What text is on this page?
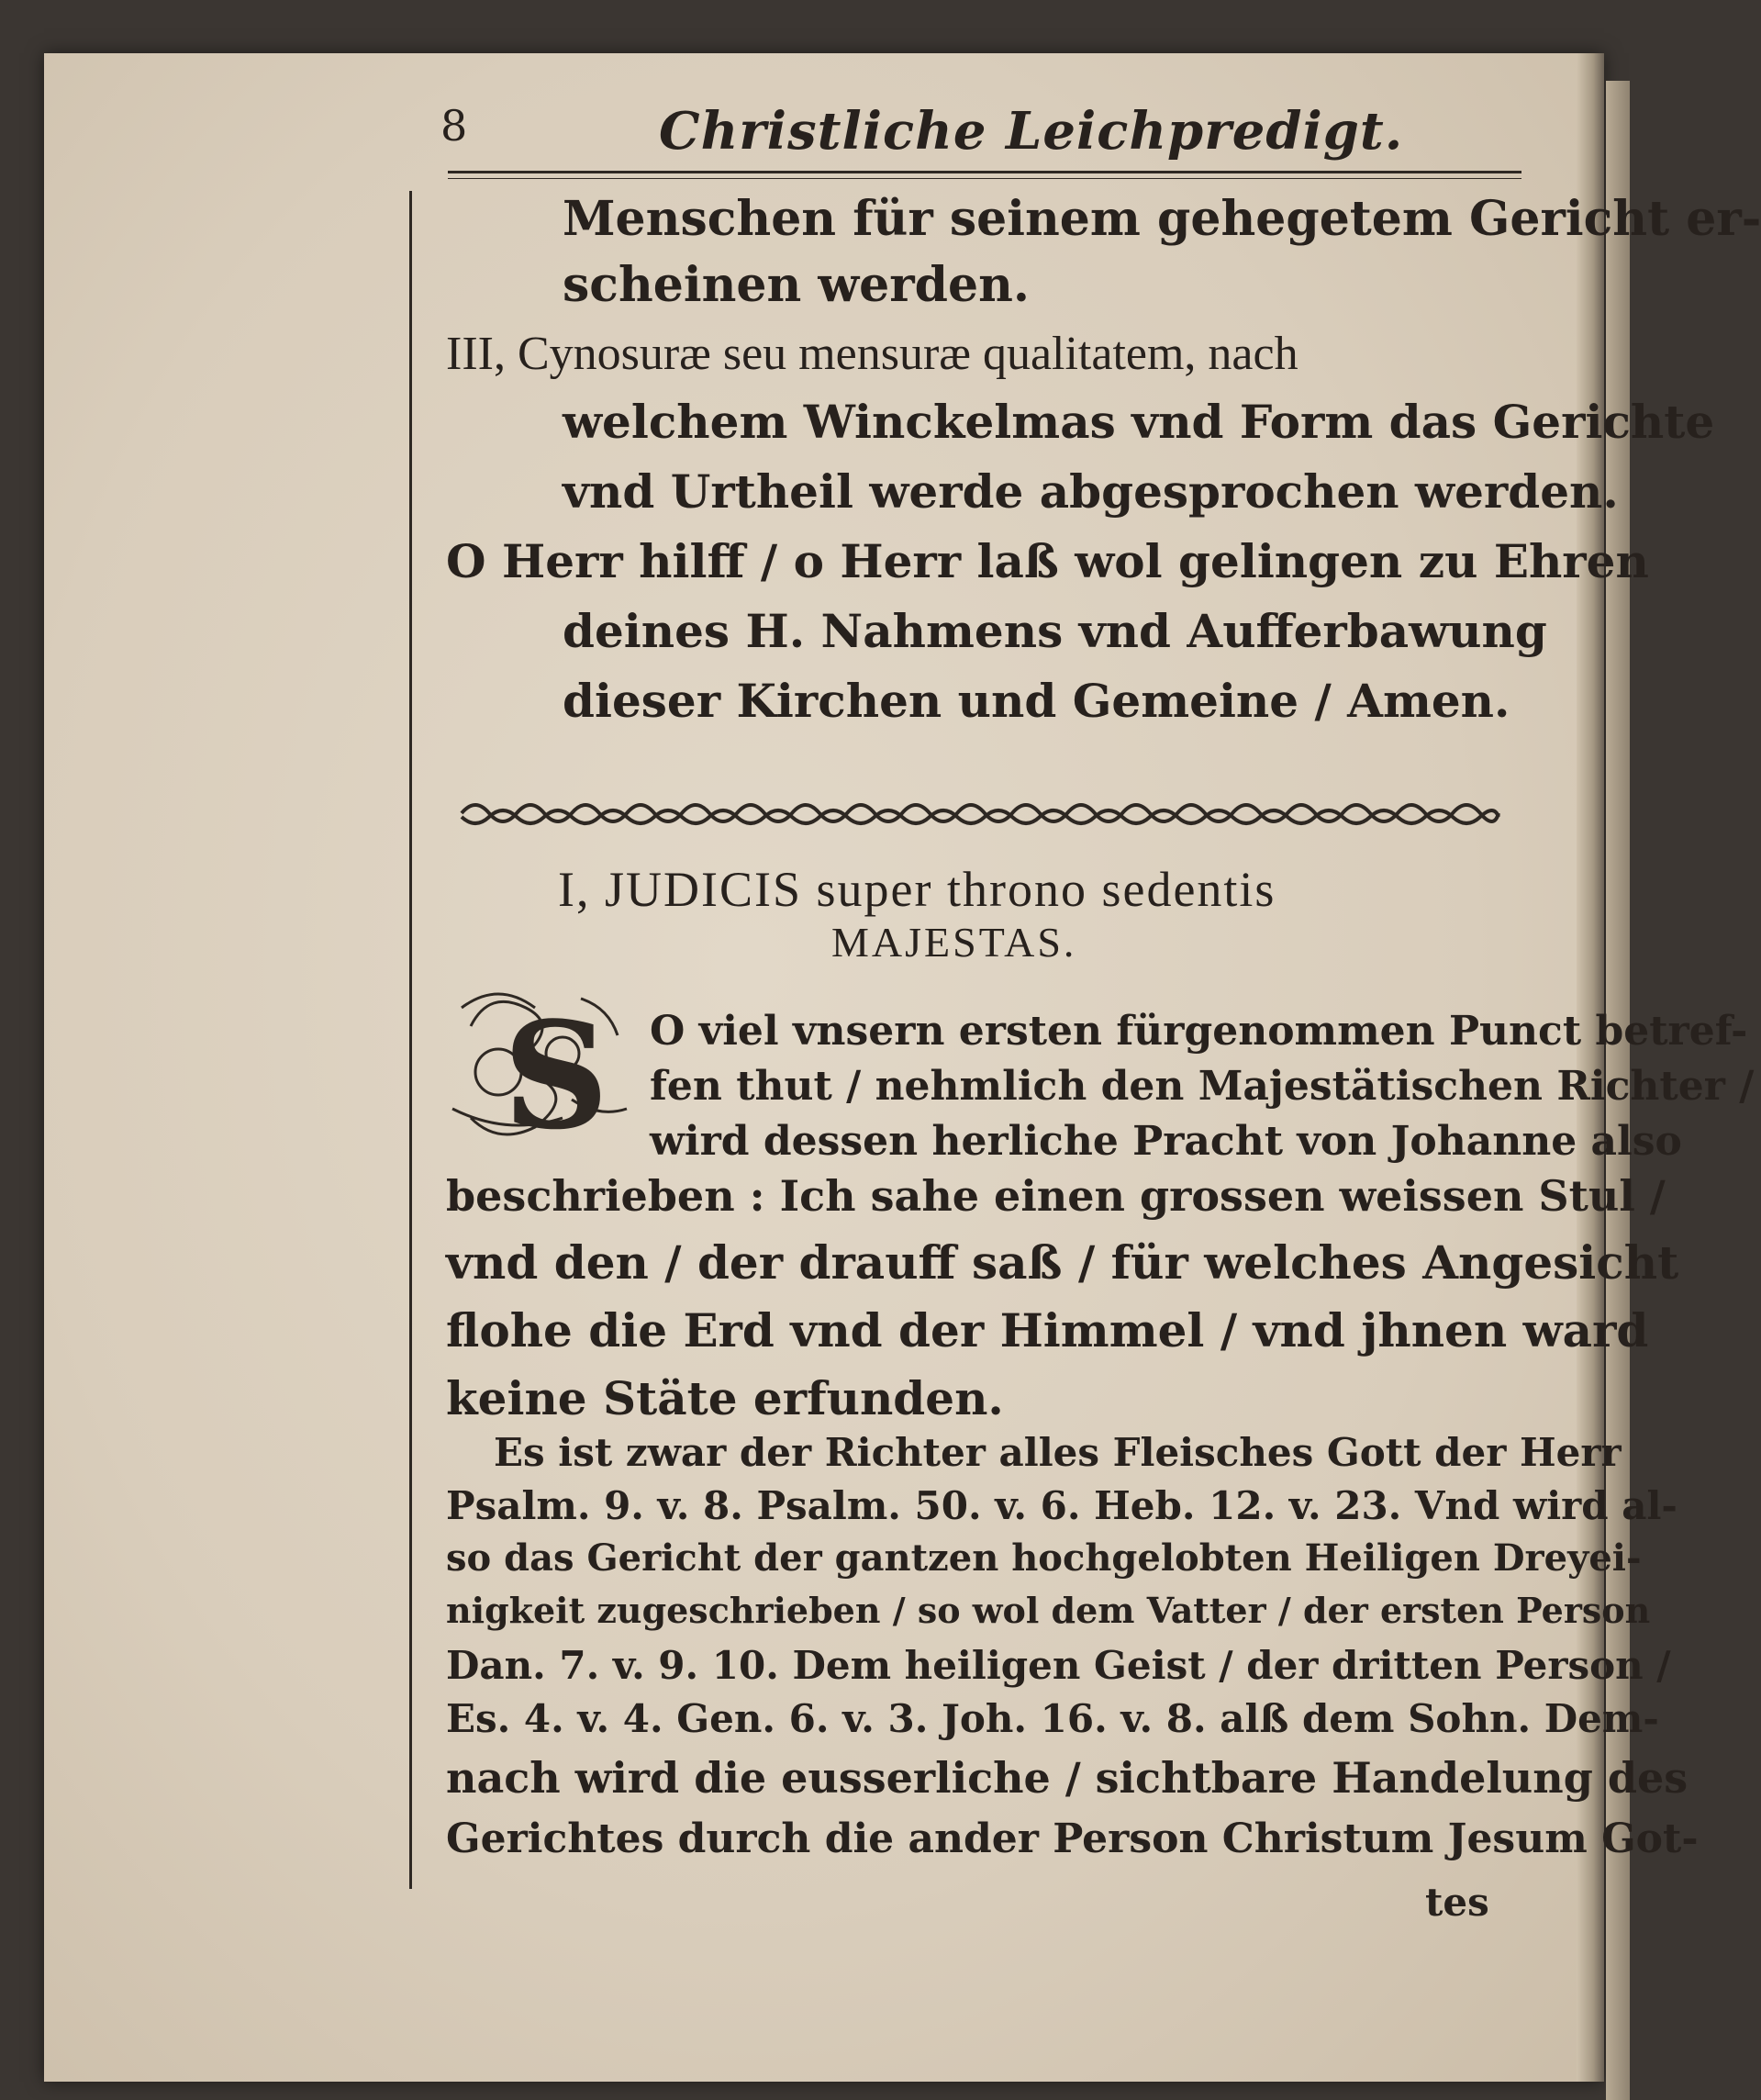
8	Christliche Leichpredigt.
Menschen für seinem gehegetem Gericht er-
scheinen werden.
III, Cynosuræ seu mensuræ qualitatem, nach
welchem Winckelmas vnd Form das Gerichte
vnd Urtheil werde abgesprochen werden.
O Herr hilff / o Herr laß wol gelingen zu Ehren
deines H. Nahmens vnd Aufferbawung
dieser Kirchen und Gemeine / Amen.
I, JUDICIS super throno sedentis
MAJESTAS.
S O viel vnsern ersten fürgenommen Punct betref-
fen thut / nehmlich den Majestätischen Richter /
wird dessen herliche Pracht von Johanne also
beschrieben : Ich sahe einen grossen weissen Stul /
vnd den / der drauff saß / für welches Angesicht
flohe die Erd vnd der Himmel / vnd jhnen ward
keine Stäte erfunden.
Es ist zwar der Richter alles Fleisches Gott der Herr
Psalm. 9. v. 8. Psalm. 50. v. 6. Heb. 12. v. 23. Vnd wird al-
so das Gericht der gantzen hochgelobten Heiligen Dreyei-
nigkeit zugeschrieben / so wol dem Vatter / der ersten Person
Dan. 7. v. 9. 10. Dem heiligen Geist / der dritten Person /
Es. 4. v. 4. Gen. 6. v. 3. Joh. 16. v. 8. alß dem Sohn. Dem-
nach wird die eusserliche / sichtbare Handelung des
Gerichtes durch die ander Person Christum Jesum Got-
tes
